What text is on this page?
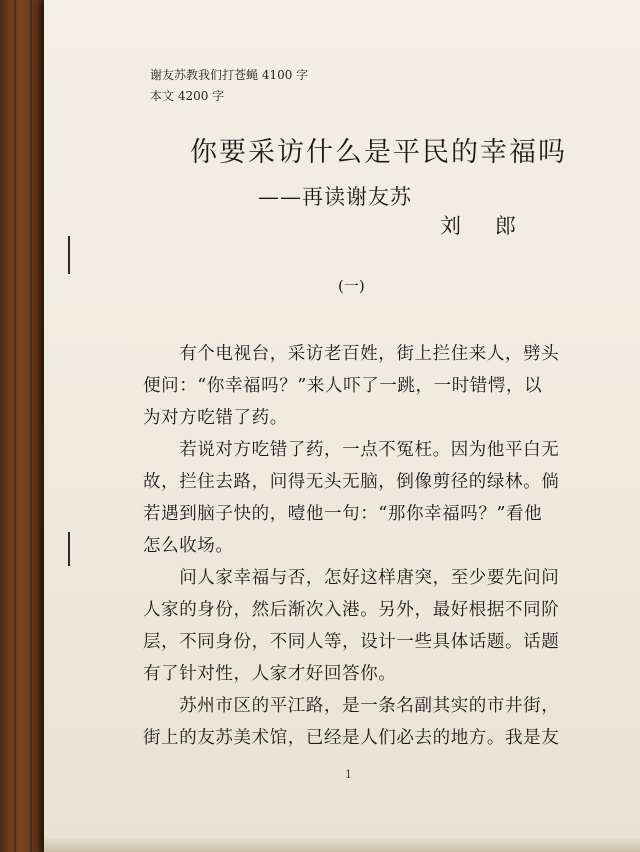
谢友苏教我们打苍蝇 4100 字
本文 4200 字
你要采访什么是平民的幸福吗
——再读谢友苏
刘郎
(一)

　　有个电视台，采访老百姓，街上拦住来人，劈头
便问：“你幸福吗？”来人吓了一跳，一时错愕，以
为对方吃错了药。

　　若说对方吃错了药，一点不冤枉。因为他平白无
故，拦住去路，问得无头无脑，倒像剪径的绿林。倘
若遇到脑子快的，噎他一句：“那你幸福吗？”看他
怎么收场。

　　问人家幸福与否，怎好这样唐突，至少要先问问
人家的身份，然后渐次入港。另外，最好根据不同阶
层，不同身份，不同人等，设计一些具体话题。话题
有了针对性，人家才好回答你。

　　苏州市区的平江路，是一条名副其实的市井街，
街上的友苏美术馆，已经是人们必去的地方。我是友

1
